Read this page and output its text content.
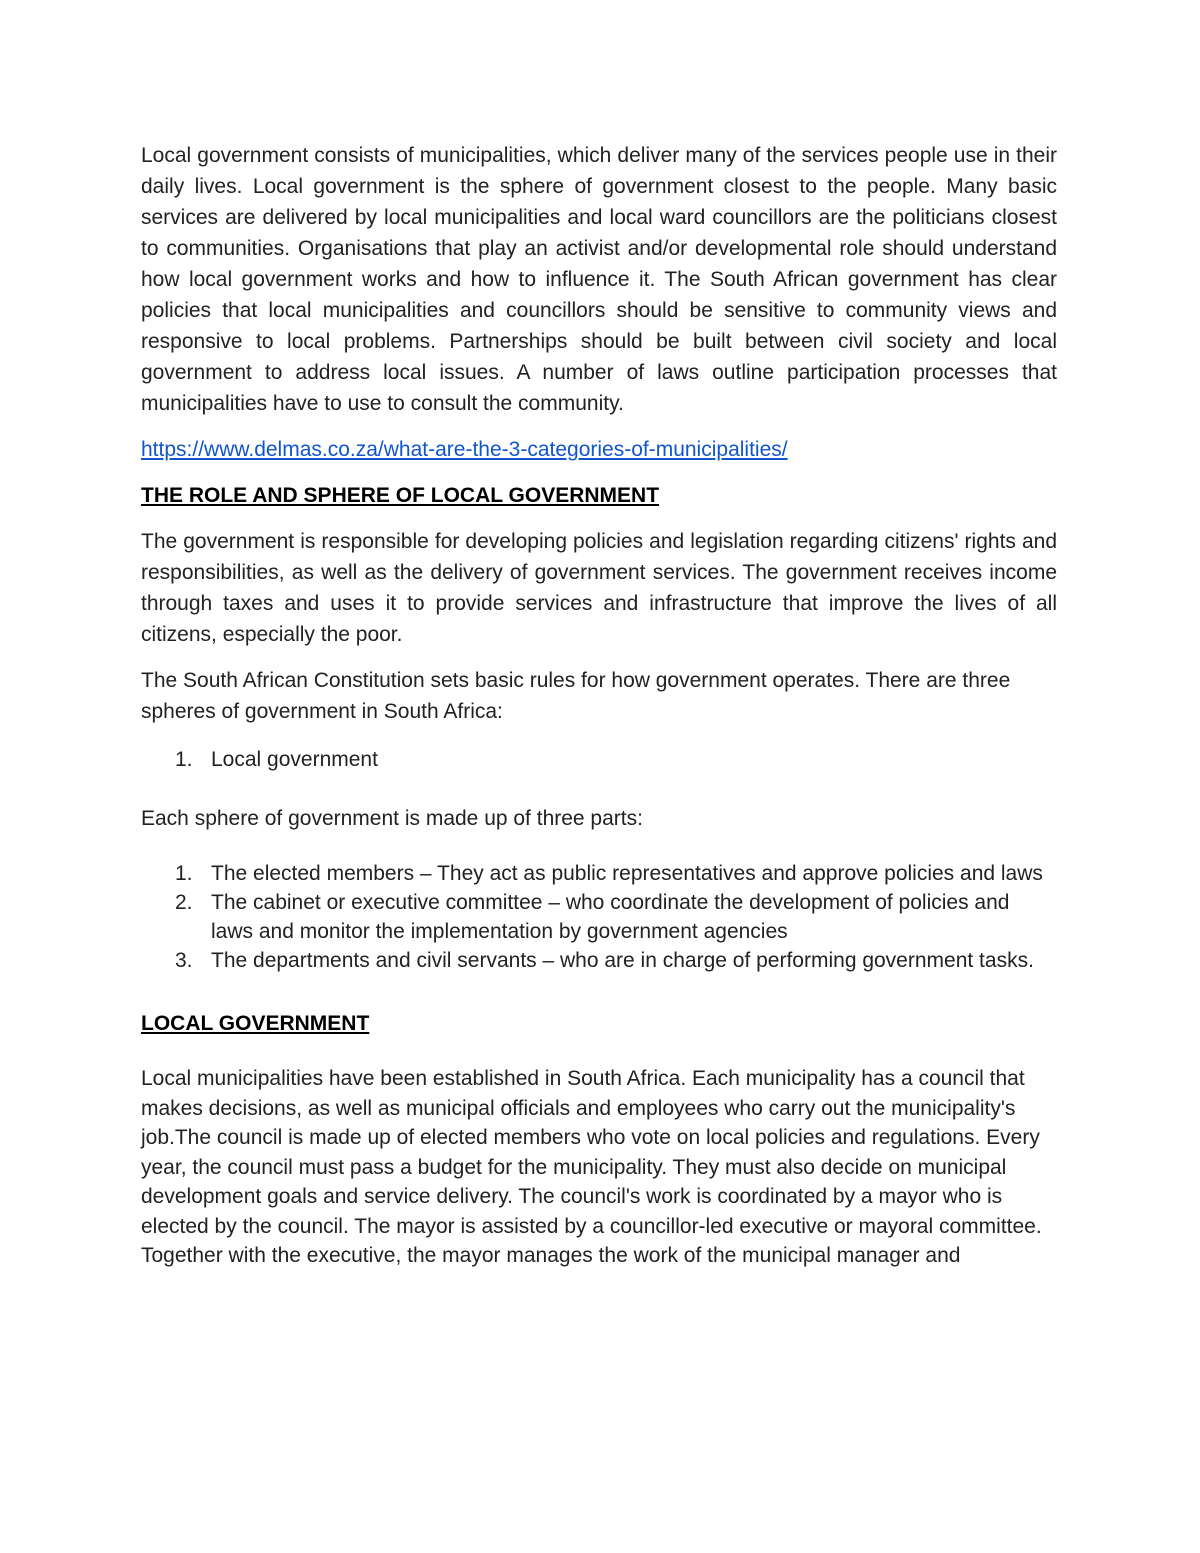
Local government consists of municipalities, which deliver many of the services people use in their daily lives. Local government is the sphere of government closest to the people. Many basic services are delivered by local municipalities and local ward councillors are the politicians closest to communities. Organisations that play an activist and/or developmental role should understand how local government works and how to influence it. The South African government has clear policies that local municipalities and councillors should be sensitive to community views and responsive to local problems. Partnerships should be built between civil society and local government to address local issues. A number of laws outline participation processes that municipalities have to use to consult the community.

https://www.delmas.co.za/what-are-the-3-categories-of-municipalities/

THE ROLE AND SPHERE OF LOCAL GOVERNMENT

The government is responsible for developing policies and legislation regarding citizens' rights and responsibilities, as well as the delivery of government services. The government receives income through taxes and uses it to provide services and infrastructure that improve the lives of all citizens, especially the poor.

The South African Constitution sets basic rules for how government operates. There are three spheres of government in South Africa:

1. Local government

Each sphere of government is made up of three parts:

1. The elected members – They act as public representatives and approve policies and laws
2. The cabinet or executive committee – who coordinate the development of policies and laws and monitor the implementation by government agencies
3. The departments and civil servants – who are in charge of performing government tasks.

LOCAL GOVERNMENT

Local municipalities have been established in South Africa. Each municipality has a council that makes decisions, as well as municipal officials and employees who carry out the municipality's job.The council is made up of elected members who vote on local policies and regulations. Every year, the council must pass a budget for the municipality. They must also decide on municipal development goals and service delivery. The council's work is coordinated by a mayor who is elected by the council. The mayor is assisted by a councillor-led executive or mayoral committee. Together with the executive, the mayor manages the work of the municipal manager and
